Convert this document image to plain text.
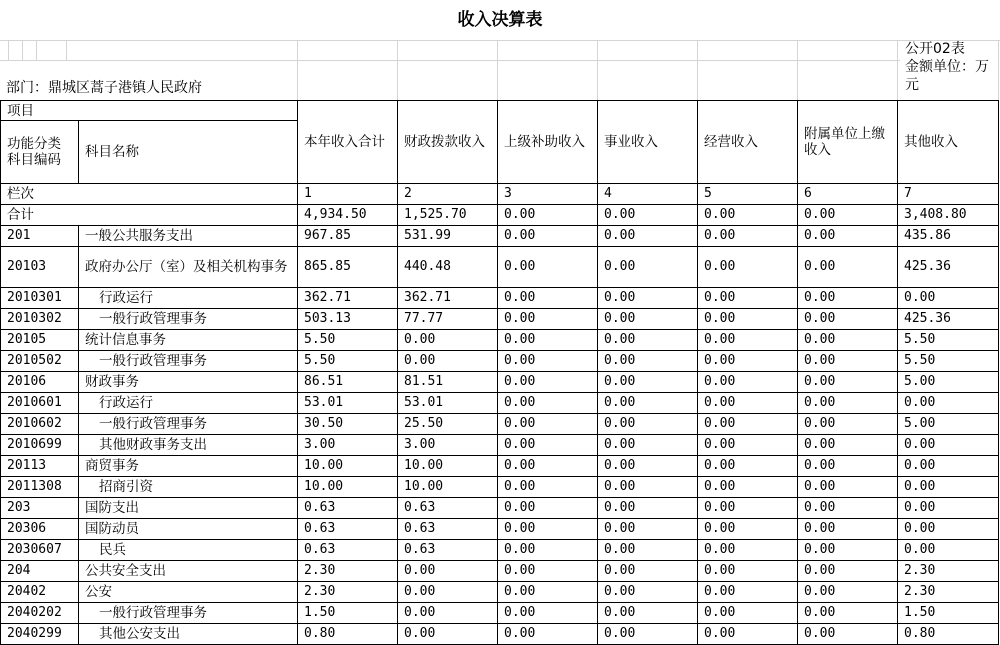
收入决算表
部门：鼎城区蒿子港镇人民政府
公开02表
金额单位：万
元
项目		本年收入合计	财政拨款收入	上级补助收入	事业收入	经营收入	附属单位上缴收入	其他收入
功能分类科目编码	科目名称							
栏次		1	2	3	4	5	6	7
合计		4,934.50	1,525.70	0.00	0.00	0.00	0.00	3,408.80
201	一般公共服务支出	967.85	531.99	0.00	0.00	0.00	0.00	435.86
20103	政府办公厅（室）及相关机构事务	865.85	440.48	0.00	0.00	0.00	0.00	425.36
2010301	行政运行	362.71	362.71	0.00	0.00	0.00	0.00	0.00
2010302	一般行政管理事务	503.13	77.77	0.00	0.00	0.00	0.00	425.36
20105	统计信息事务	5.50	0.00	0.00	0.00	0.00	0.00	5.50
2010502	一般行政管理事务	5.50	0.00	0.00	0.00	0.00	0.00	5.50
20106	财政事务	86.51	81.51	0.00	0.00	0.00	0.00	5.00
2010601	行政运行	53.01	53.01	0.00	0.00	0.00	0.00	0.00
2010602	一般行政管理事务	30.50	25.50	0.00	0.00	0.00	0.00	5.00
2010699	其他财政事务支出	3.00	3.00	0.00	0.00	0.00	0.00	0.00
20113	商贸事务	10.00	10.00	0.00	0.00	0.00	0.00	0.00
2011308	招商引资	10.00	10.00	0.00	0.00	0.00	0.00	0.00
203	国防支出	0.63	0.63	0.00	0.00	0.00	0.00	0.00
20306	国防动员	0.63	0.63	0.00	0.00	0.00	0.00	0.00
2030607	民兵	0.63	0.63	0.00	0.00	0.00	0.00	0.00
204	公共安全支出	2.30	0.00	0.00	0.00	0.00	0.00	2.30
20402	公安	2.30	0.00	0.00	0.00	0.00	0.00	2.30
2040202	一般行政管理事务	1.50	0.00	0.00	0.00	0.00	0.00	1.50
2040299	其他公安支出	0.80	0.00	0.00	0.00	0.00	0.00	0.80
